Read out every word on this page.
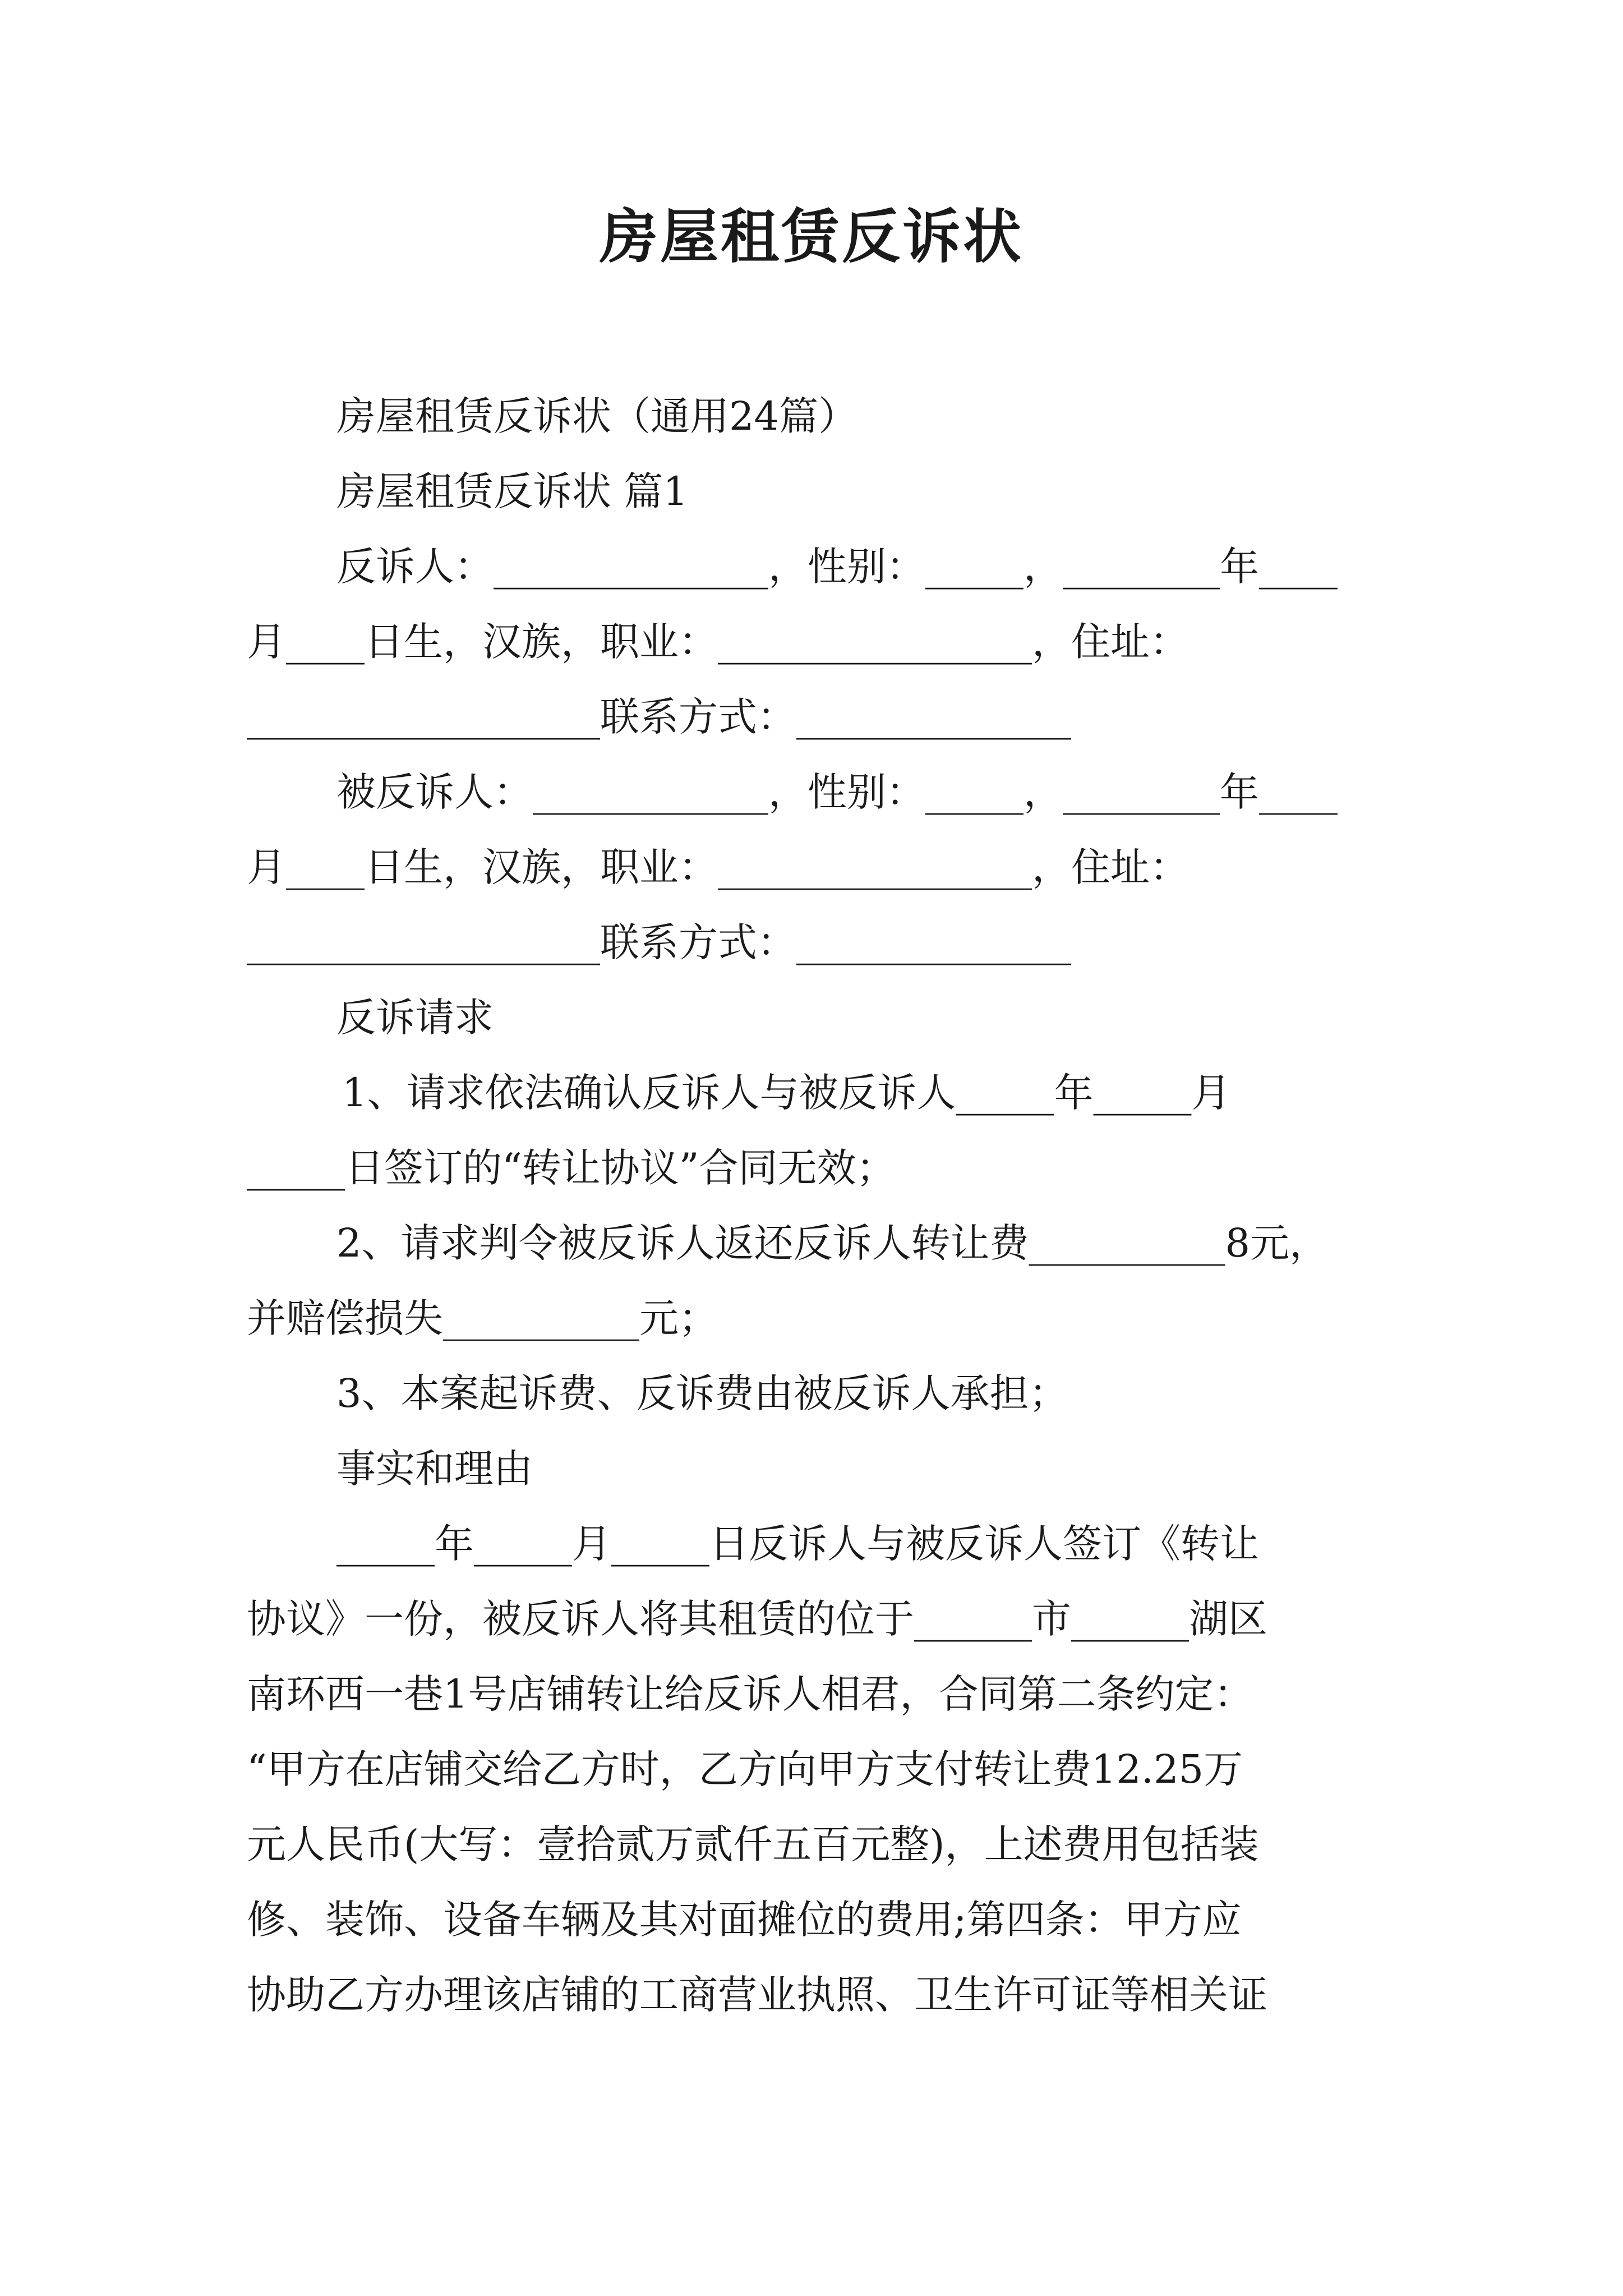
房屋租赁反诉状

房屋租赁反诉状（通用24篇）

房屋租赁反诉状 篇1

反诉人：______________，性别：_____，________年____

月____日生，汉族，职业：________________，住址：

__________________联系方式：______________

被反诉人：____________，性别：_____，________年____

月____日生，汉族，职业：________________，住址：

__________________联系方式：______________

反诉请求

1、请求依法确认反诉人与被反诉人_____年_____月

_____日签订的“转让协议”合同无效；

2、请求判令被反诉人返还反诉人转让费__________8元，

并赔偿损失__________元；

3、本案起诉费、反诉费由被反诉人承担；

事实和理由

_____年_____月_____日反诉人与被反诉人签订《转让

协议》一份，被反诉人将其租赁的位于______市______湖区

南环西一巷1号店铺转让给反诉人相君，合同第二条约定：

“甲方在店铺交给乙方时，乙方向甲方支付转让费12.25万

元人民币(大写：壹拾贰万贰仟五百元整)，上述费用包括装

修、装饰、设备车辆及其对面摊位的费用;第四条：甲方应

协助乙方办理该店铺的工商营业执照、卫生许可证等相关证
